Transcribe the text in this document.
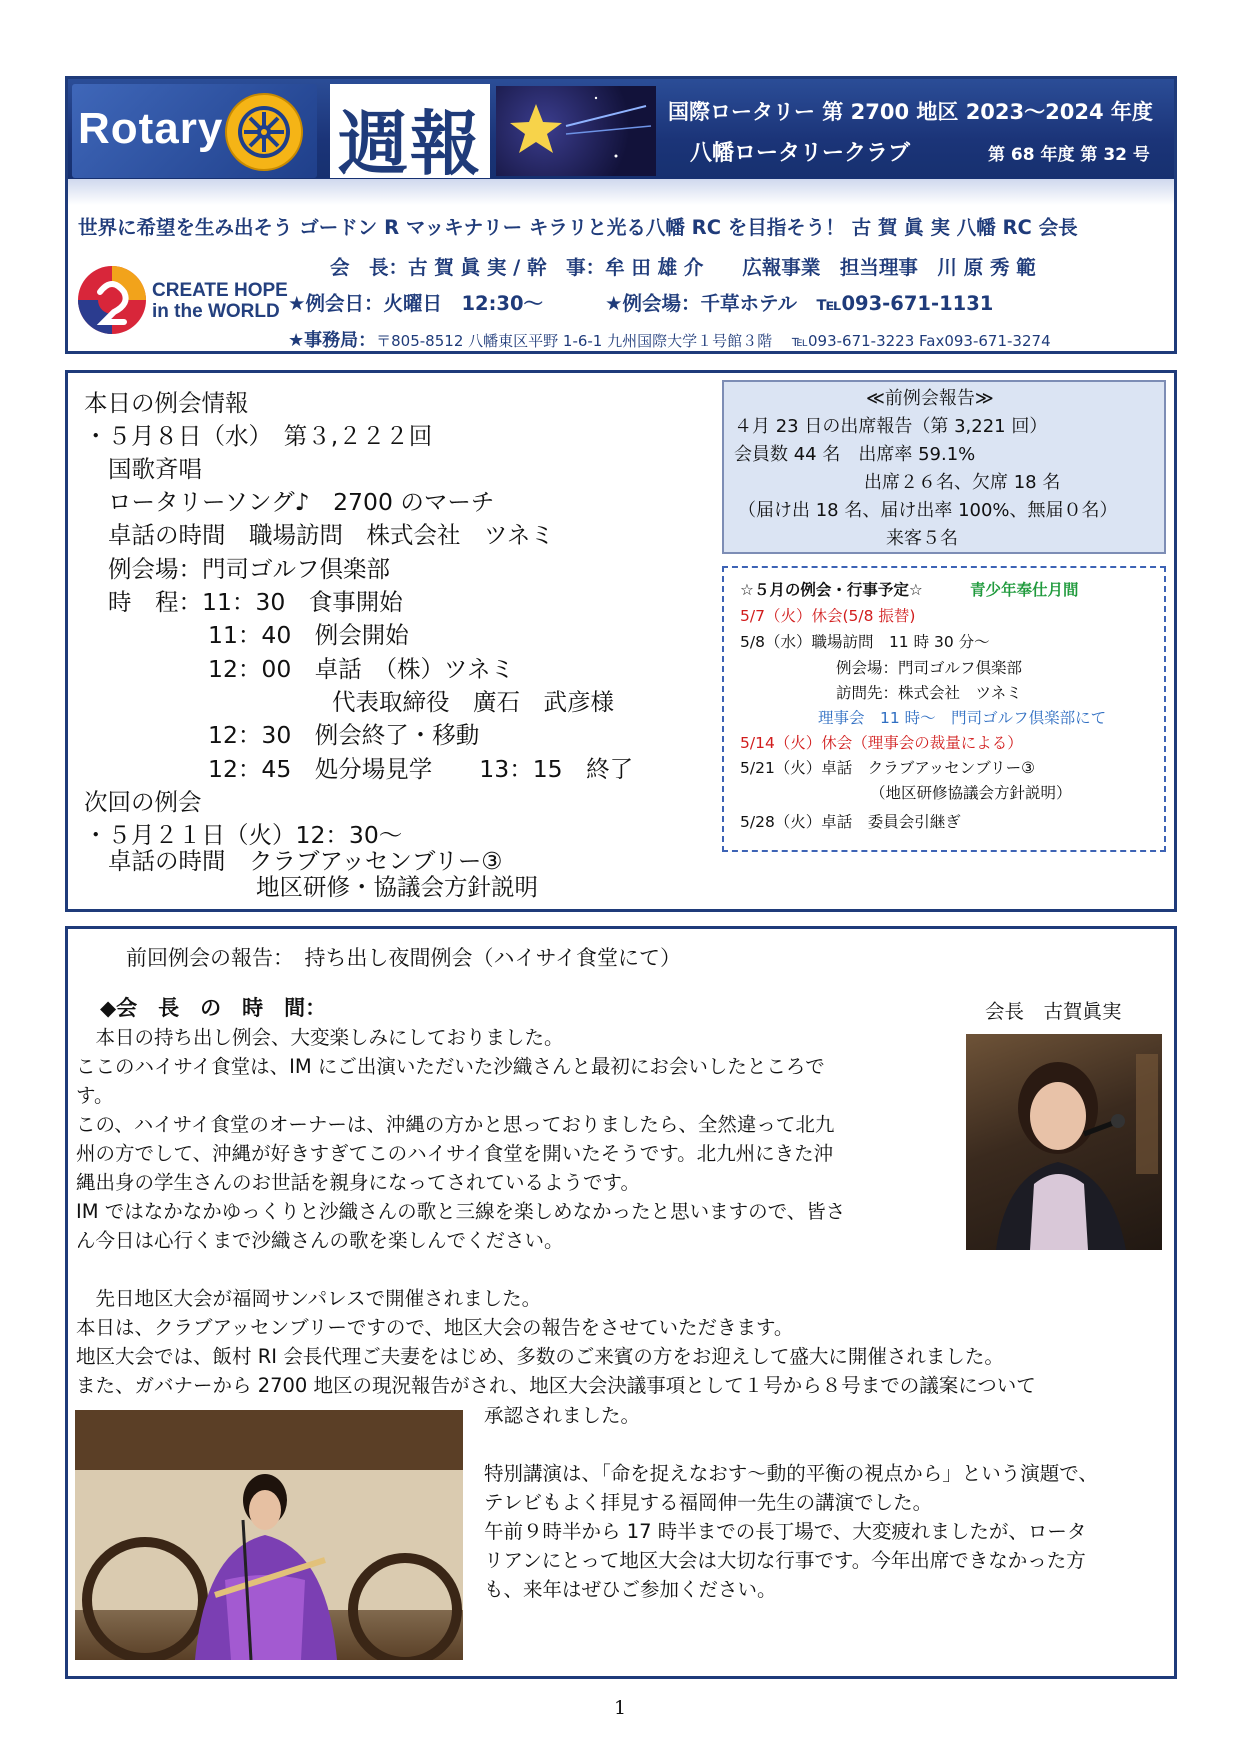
Rotary 週報	国際ロータリー 第 2700 地区 2023～2024 年度
八幡ロータリークラブ	第 68 年度 第 32 号
世界に希望を生み出そう ゴードン R マッキナリー キラリと光る八幡 RC を目指そう！ 古 賀 眞 実 八幡 RC 会長
CREATE HOPE
in the WORLD
会　長：古 賀 眞 実 / 幹　事：牟 田 雄 介　　広報事業　担当理事　川 原 秀 範
★例会日：火曜日　12:30～	★例会場：千草ホテル　℡093-671-1131
★事務局：〒805-8512 八幡東区平野 1-6-1 九州国際大学１号館３階　 ℡093-671-3223 Fax093-671-3274
本日の例会情報
・５月８日（水）　第３,２２２回
国歌斉唱
ロータリーソング♪　2700 のマーチ
卓話の時間　職場訪問　株式会社　ツネミ
例会場：門司ゴルフ倶楽部
時　程：11：30　食事開始
11：40　例会開始
12：00　卓話　（株）ツネミ
代表取締役　廣石　武彦様
12：30　例会終了・移動
12：45　処分場見学　　13：15　終了
次回の例会
・５月２１日（火）12：30～
卓話の時間　クラブアッセンブリー③
地区研修・協議会方針説明
≪前例会報告≫
４月 23 日の出席報告（第 3,221 回）
会員数 44 名　出席率 59.1%
出席２６名、欠席 18 名
（届け出 18 名、届け出率 100%、無届０名）
来客５名
☆５月の例会・行事予定☆	青少年奉仕月間
5/7（火）休会(5/8 振替)
5/8（水）職場訪問　11 時 30 分～
例会場：門司ゴルフ倶楽部
訪問先：株式会社　ツネミ
理事会　11 時～　門司ゴルフ倶楽部にて
5/14（火）休会（理事会の裁量による）
5/21（火）卓話　クラブアッセンブリー③
（地区研修協議会方針説明）
5/28（火）卓話　委員会引継ぎ
前回例会の報告：　持ち出し夜間例会（ハイサイ食堂にて）
◆会　長　の　時　間：	会長　古賀眞実
　本日の持ち出し例会、大変楽しみにしておりました。
ここのハイサイ食堂は、IM にご出演いただいた沙織さんと最初にお会いしたところで
す。
この、ハイサイ食堂のオーナーは、沖縄の方かと思っておりましたら、全然違って北九
州の方でして、沖縄が好きすぎてこのハイサイ食堂を開いたそうです。北九州にきた沖
縄出身の学生さんのお世話を親身になってされているようです。
IM ではなかなかゆっくりと沙織さんの歌と三線を楽しめなかったと思いますので、皆さ
ん今日は心行くまで沙織さんの歌を楽しんでください。
　先日地区大会が福岡サンパレスで開催されました。
本日は、クラブアッセンブリーですので、地区大会の報告をさせていただきます。
地区大会では、飯村 RI 会長代理ご夫妻をはじめ、多数のご来賓の方をお迎えして盛大に開催されました。
また、ガバナーから 2700 地区の現況報告がされ、地区大会決議事項として１号から８号までの議案について
承認されました。
特別講演は、「命を捉えなおす～動的平衡の視点から」という演題で、
テレビもよく拝見する福岡伸一先生の講演でした。
午前９時半から 17 時半までの長丁場で、大変疲れましたが、ロータ
リアンにとって地区大会は大切な行事です。今年出席できなかった方
も、来年はぜひご参加ください。
1
